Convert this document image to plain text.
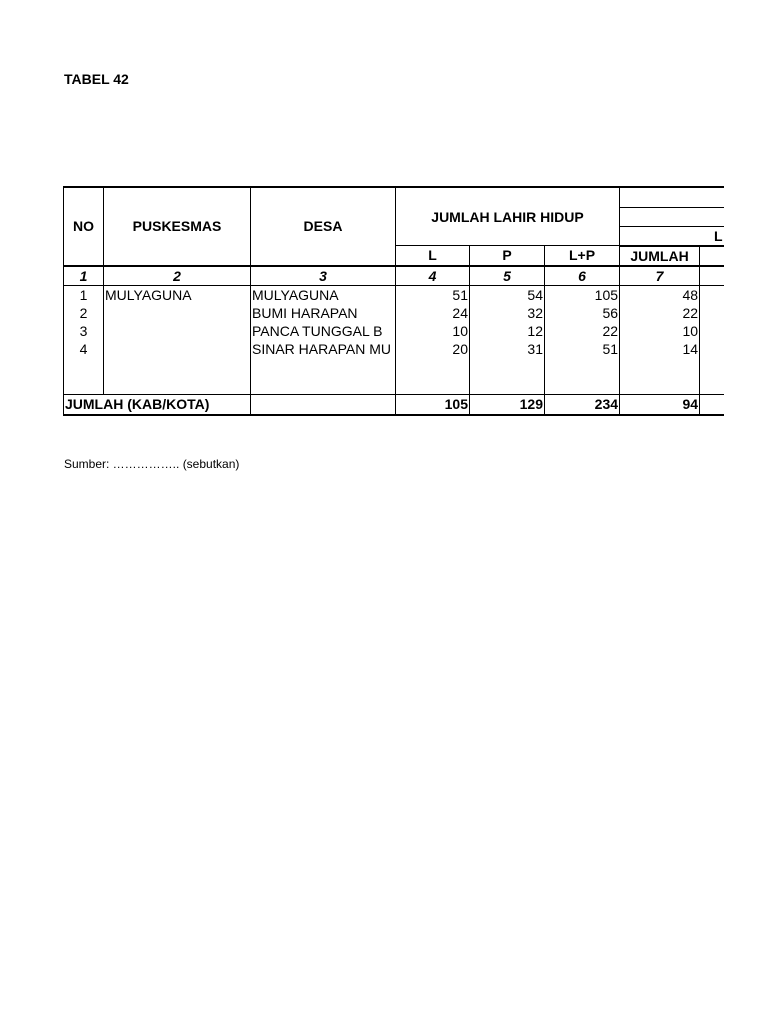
TABEL 42
NO	PUSKESMAS	DESA	JUMLAH LAHIR HIDUP				

						L	
			L	P	L+P	JUMLAH	
1	2	3	4	5	6	7	
1	MULYAGUNA	MULYAGUNA	51	54	105	48	
2		BUMI HARAPAN	24	32	56	22	
3		PANCA TUNGGAL B	10	12	22	10	
4		SINAR HARAPAN MU	20	31	51	14	

JUMLAH (KAB/KOTA)			105	129	234	94	
Sumber: …………….. (sebutkan)
